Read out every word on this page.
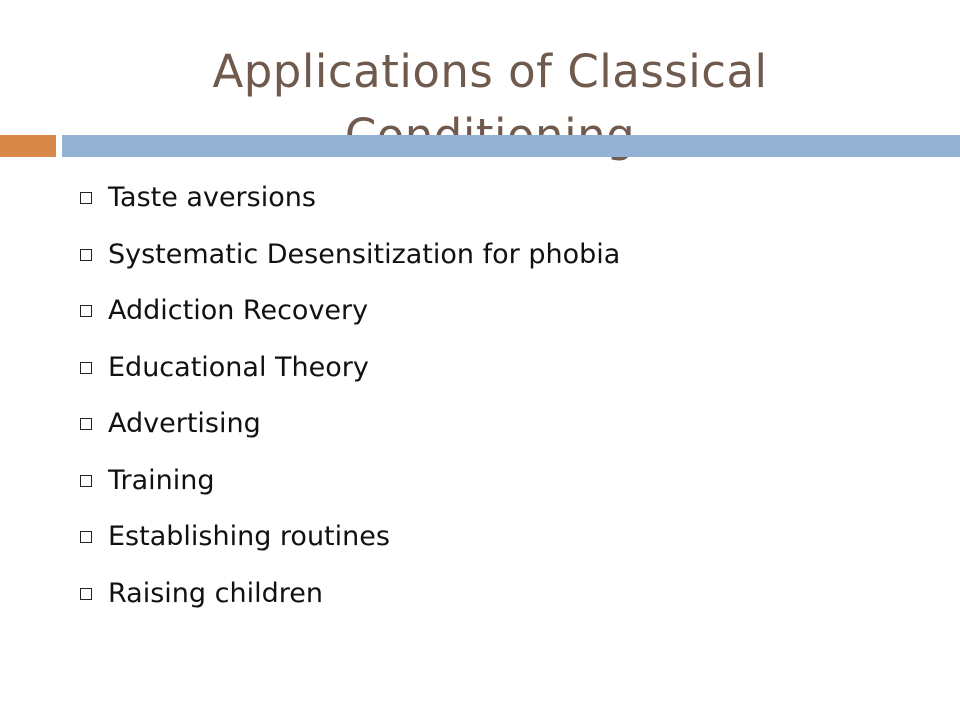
Applications of Classical
Taste aversions
Systematic Desensitization for phobia
Addiction Recovery
Educational Theory
Advertising
Training
Establishing routines
Raising children
